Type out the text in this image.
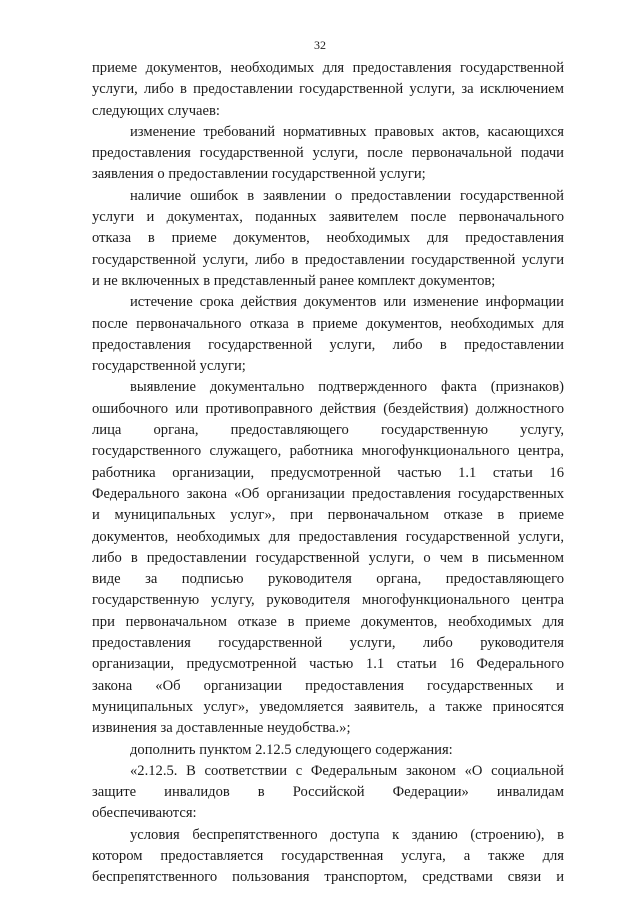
32
приеме документов, необходимых для предоставления государственной
услуги, либо в предоставлении государственной услуги, за исключением
следующих случаев:
изменение требований нормативных правовых актов, касающихся
предоставления государственной услуги, после первоначальной подачи
заявления о предоставлении государственной услуги;
наличие ошибок в заявлении о предоставлении государственной
услуги и документах, поданных заявителем после первоначального
отказа в приеме документов, необходимых для предоставления
государственной услуги, либо в предоставлении государственной услуги
и не включенных в представленный ранее комплект документов;
истечение срока действия документов или изменение информации
после первоначального отказа в приеме документов, необходимых для
предоставления государственной услуги, либо в предоставлении
государственной услуги;
выявление документально подтвержденного факта (признаков)
ошибочного или противоправного действия (бездействия) должностного
лица органа, предоставляющего государственную услугу,
государственного служащего, работника многофункционального центра,
работника организации, предусмотренной частью 1.1 статьи 16
Федерального закона «Об организации предоставления государственных
и муниципальных услуг», при первоначальном отказе в приеме
документов, необходимых для предоставления государственной услуги,
либо в предоставлении государственной услуги, о чем в письменном
виде за подписью руководителя органа, предоставляющего
государственную услугу, руководителя многофункционального центра
при первоначальном отказе в приеме документов, необходимых для
предоставления государственной услуги, либо руководителя
организации, предусмотренной частью 1.1 статьи 16 Федерального
закона «Об организации предоставления государственных и
муниципальных услуг», уведомляется заявитель, а также приносятся
извинения за доставленные неудобства.»;
дополнить пунктом 2.12.5 следующего содержания:
«2.12.5. В соответствии с Федеральным законом «О социальной
защите инвалидов в Российской Федерации» инвалидам
обеспечиваются:
условия беспрепятственного доступа к зданию (строению), в
котором предоставляется государственная услуга, а также для
беспрепятственного пользования транспортом, средствами связи и
